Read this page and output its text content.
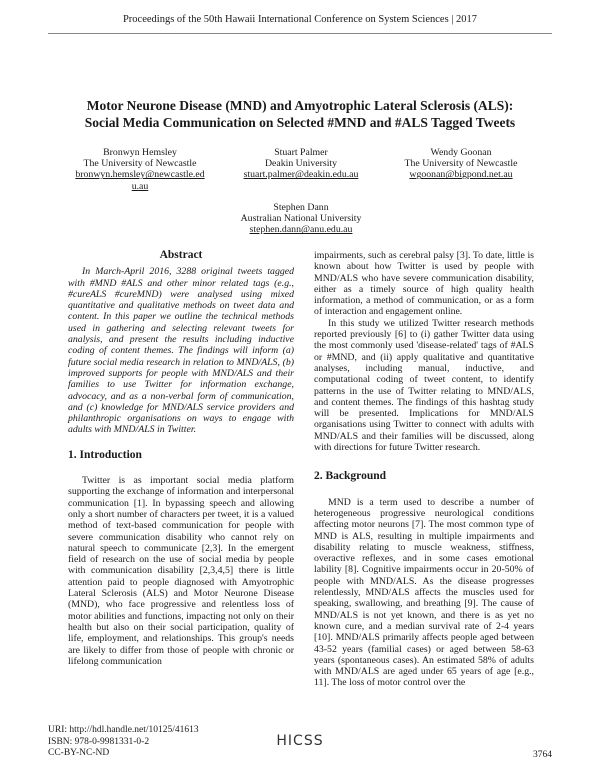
Proceedings of the 50th Hawaii International Conference on System Sciences | 2017
Motor Neurone Disease (MND) and Amyotrophic Lateral Sclerosis (ALS):
Social Media Communication on Selected #MND and #ALS Tagged Tweets
Bronwyn Hemsley
The University of Newcastle
bronwyn.hemsley@newcastle.ed
u.au
Stuart Palmer
Deakin University
stuart.palmer@deakin.edu.au
Wendy Goonan
The University of Newcastle
wgoonan@bigpond.net.au
Stephen Dann
Australian National University
stephen.dann@anu.edu.au

Abstract

In March-April 2016, 3288 original tweets tagged with #MND #ALS and other minor related tags (e.g., #cureALS #cureMND) were analysed using mixed quantitative and qualitative methods on tweet data and content. In this paper we outline the technical methods used in gathering and selecting relevant tweets for analysis, and present the results including inductive coding of content themes. The findings will inform (a) future social media research in relation to MND/ALS, (b) improved supports for people with MND/ALS and their families to use Twitter for information exchange, advocacy, and as a non-verbal form of communication, and (c) knowledge for MND/ALS service providers and philanthropic organisations on ways to engage with adults with MND/ALS in Twitter.

1. Introduction

Twitter is as important social media platform supporting the exchange of information and interpersonal communication [1]. In bypassing speech and allowing only a short number of characters per tweet, it is a valued method of text-based communication for people with severe communication disability who cannot rely on natural speech to communicate [2,3]. In the emergent field of research on the use of social media by people with communication disability [2,3,4,5] there is little attention paid to people diagnosed with Amyotrophic Lateral Sclerosis (ALS) and Motor Neurone Disease (MND), who face progressive and relentless loss of motor abilities and functions, impacting not only on their health but also on their social participation, quality of life, employment, and relationships. This group's needs are likely to differ from those of people with chronic or lifelong communication

impairments, such as cerebral palsy [3]. To date, little is known about how Twitter is used by people with MND/ALS who have severe communication disability, either as a timely source of high quality health information, a method of communication, or as a form of interaction and engagement online.

In this study we utilized Twitter research methods reported previously [6] to (i) gather Twitter data using the most commonly used 'disease-related' tags of #ALS or #MND, and (ii) apply qualitative and quantitative analyses, including manual, inductive, and computational coding of tweet content, to identify patterns in the use of Twitter relating to MND/ALS, and content themes. The findings of this hashtag study will be presented. Implications for MND/ALS organisations using Twitter to connect with adults with MND/ALS and their families will be discussed, along with directions for future Twitter research.

2. Background

MND is a term used to describe a number of heterogeneous progressive neurological conditions affecting motor neurons [7]. The most common type of MND is ALS, resulting in multiple impairments and disability relating to muscle weakness, stiffness, overactive reflexes, and in some cases emotional lability [8]. Cognitive impairments occur in 20-50% of people with MND/ALS. As the disease progresses relentlessly, MND/ALS affects the muscles used for speaking, swallowing, and breathing [9]. The cause of MND/ALS is not yet known, and there is as yet no known cure, and a median survival rate of 2-4 years [10]. MND/ALS primarily affects people aged between 43-52 years (familial cases) or aged between 58-63 years (spontaneous cases). An estimated 58% of adults with MND/ALS are aged under 65 years of age [e.g., 11]. The loss of motor control over the

URI: http://hdl.handle.net/10125/41613
ISBN: 978-0-9981331-0-2
CC-BY-NC-ND
HICSS
3764
